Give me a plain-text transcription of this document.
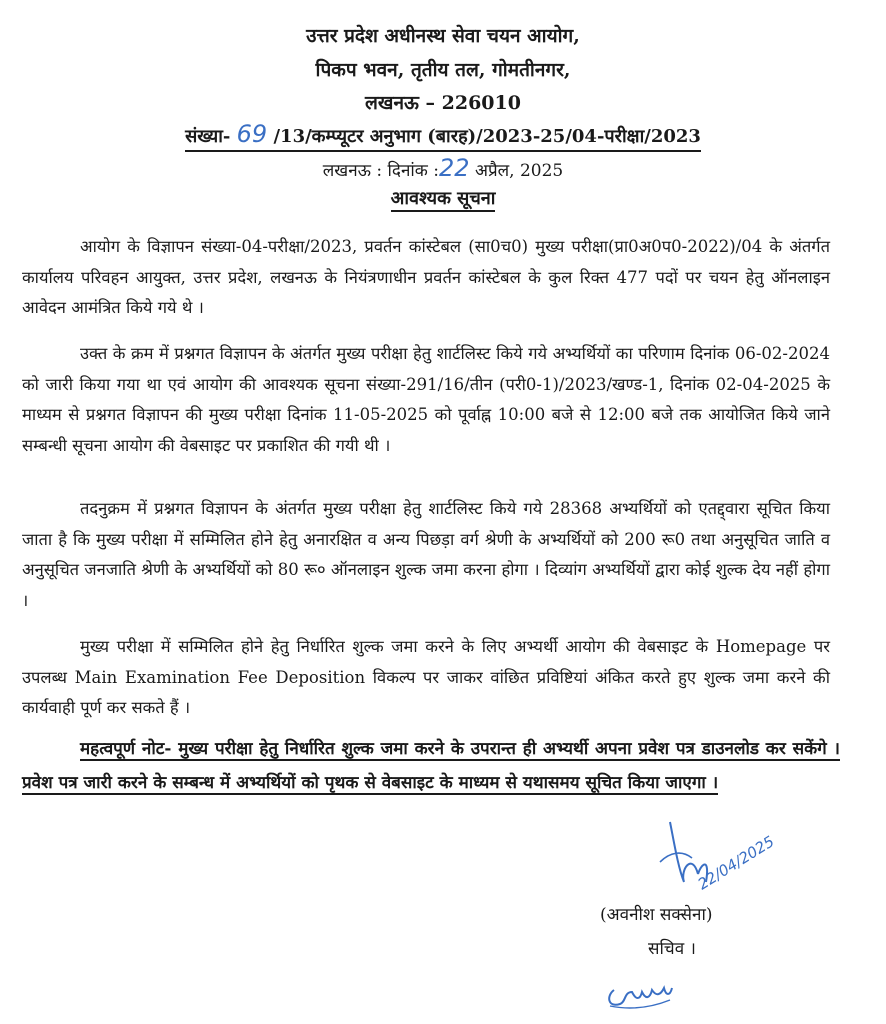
उत्तर प्रदेश अधीनस्थ सेवा चयन आयोग,
पिकप भवन, तृतीय तल, गोमतीनगर,
लखनऊ – 226010
संख्या- 69 /13/कम्प्यूटर अनुभाग (बारह)/2023-25/04-परीक्षा/2023
लखनऊ : दिनांक :22 अप्रैल, 2025
आवश्यक सूचना
आयोग के विज्ञापन संख्या-04-परीक्षा/2023, प्रवर्तन कांस्टेबल (सा0च0) मुख्य परीक्षा(प्रा0अ0प0-2022)/04 के अंतर्गत कार्यालय परिवहन आयुक्त, उत्तर प्रदेश, लखनऊ के नियंत्रणाधीन प्रवर्तन कांस्टेबल के कुल रिक्त 477 पदों पर चयन हेतु ऑनलाइन आवेदन आमंत्रित किये गये थे ।
उक्त के क्रम में प्रश्नगत विज्ञापन के अंतर्गत मुख्य परीक्षा हेतु शार्टलिस्ट किये गये अभ्यर्थियों का परिणाम दिनांक 06-02-2024 को जारी किया गया था एवं आयोग की आवश्यक सूचना संख्या-291/16/तीन (परी0-1)/2023/खण्ड-1, दिनांक 02-04-2025 के माध्यम से प्रश्नगत विज्ञापन की मुख्य परीक्षा दिनांक 11-05-2025 को पूर्वाह्न 10:00 बजे से 12:00 बजे तक आयोजित किये जाने सम्बन्धी सूचना आयोग की वेबसाइट पर प्रकाशित की गयी थी ।
तदनुक्रम में प्रश्नगत विज्ञापन के अंतर्गत मुख्य परीक्षा हेतु शार्टलिस्ट किये गये 28368 अभ्यर्थियों को एतद्द्वारा सूचित किया जाता है कि मुख्य परीक्षा में सम्मिलित होने हेतु अनारक्षित व अन्य पिछड़ा वर्ग श्रेणी के अभ्यर्थियों को 200 रू0 तथा अनुसूचित जाति व अनुसूचित जनजाति श्रेणी के अभ्यर्थियों को 80 रू० ऑनलाइन शुल्क जमा करना होगा । दिव्यांग अभ्यर्थियों द्वारा कोई शुल्क देय नहीं होगा ।
मुख्य परीक्षा में सम्मिलित होने हेतु निर्धारित शुल्क जमा करने के लिए अभ्यर्थी आयोग की वेबसाइट के Homepage पर उपलब्ध Main Examination Fee Deposition विकल्प पर जाकर वांछित प्रविष्टियां अंकित करते हुए शुल्क जमा करने की कार्यवाही पूर्ण कर सकते हैं ।
महत्वपूर्ण नोट- मुख्य परीक्षा हेतु निर्धारित शुल्क जमा करने के उपरान्त ही अभ्यर्थी अपना प्रवेश पत्र डाउनलोड कर सकेंगे । प्रवेश पत्र जारी करने के सम्बन्ध में अभ्यर्थियों को पृथक से वेबसाइट के माध्यम से यथासमय सूचित किया जाएगा ।
22/04/2025
(अवनीश सक्सेना)
सचिव ।
